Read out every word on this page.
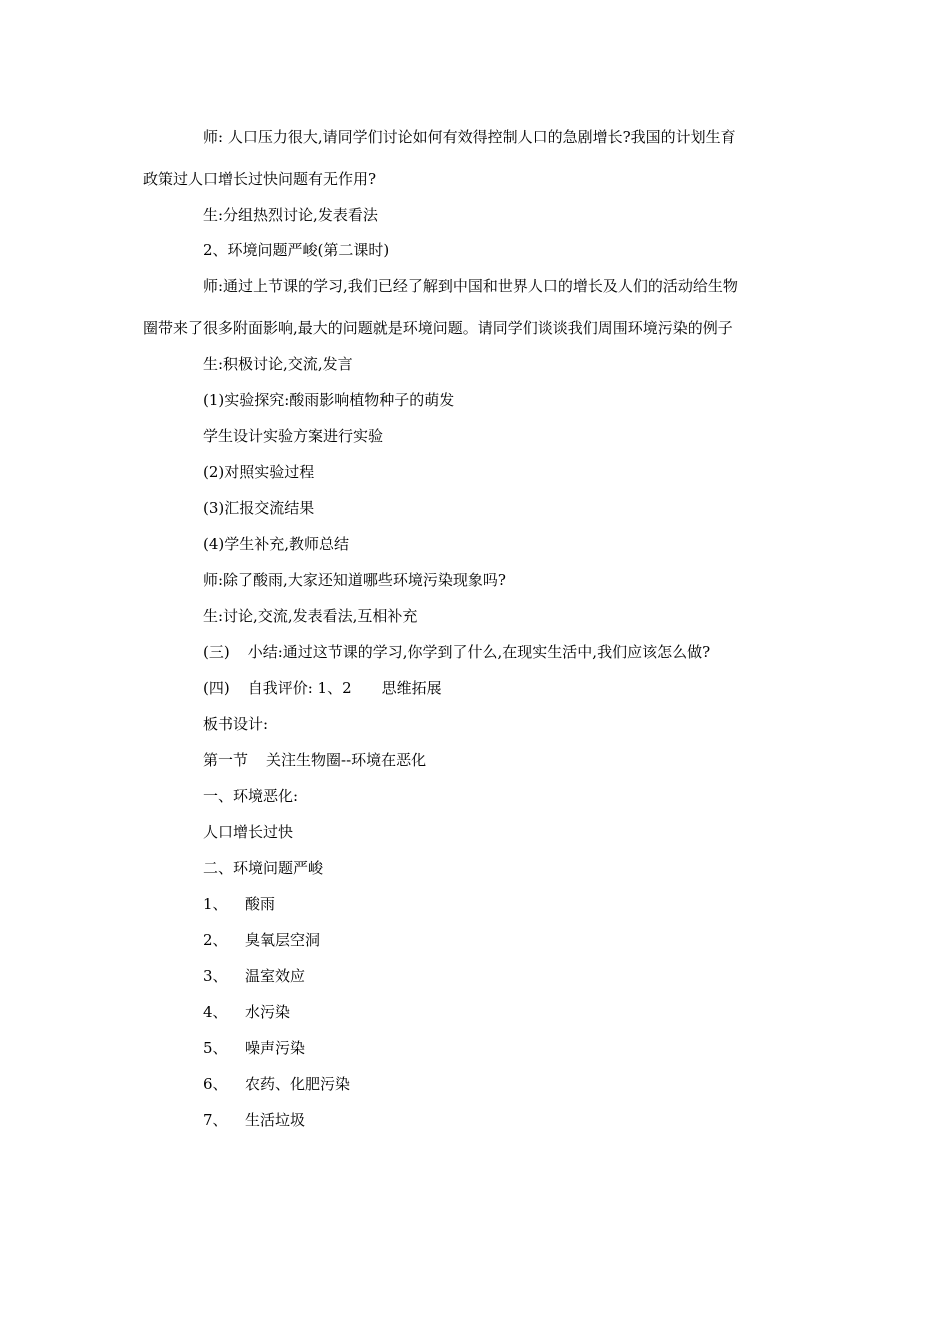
师: 人口压力很大,请同学们讨论如何有效得控制人口的急剧增长?我国的计划生育
政策过人口增长过快问题有无作用?
生:分组热烈讨论,发表看法
2、环境问题严峻(第二课时)
师:通过上节课的学习,我们已经了解到中国和世界人口的增长及人们的活动给生物
圈带来了很多附面影响,最大的问题就是环境问题。请同学们谈谈我们周围环境污染的例子
生:积极讨论,交流,发言
(1)实验探究:酸雨影响植物种子的萌发
学生设计实验方案进行实验
(2)对照实验过程
(3)汇报交流结果
(4)学生补充,教师总结
师:除了酸雨,大家还知道哪些环境污染现象吗?
生:讨论,交流,发表看法,互相补充
(三) 小结:通过这节课的学习,你学到了什么,在现实生活中,我们应该怎么做?
(四) 自我评价: 1、2 思维拓展
板书设计:
第一节 关注生物圈--环境在恶化
一、环境恶化:
人口增长过快
二、环境问题严峻
1、 酸雨
2、 臭氧层空洞
3、 温室效应
4、 水污染
5、 噪声污染
6、 农药、化肥污染
7、 生活垃圾
